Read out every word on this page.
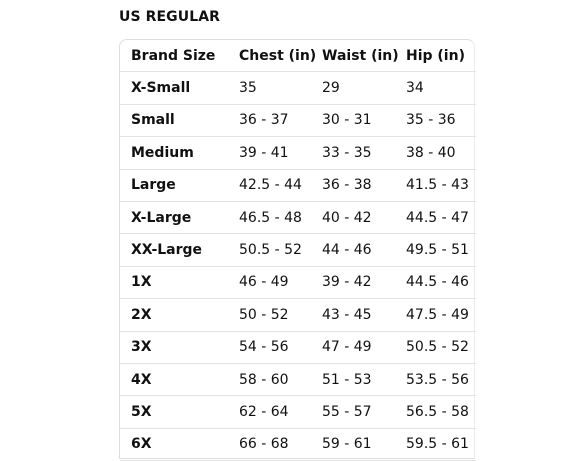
US REGULAR
Brand Size	Chest (in)	Waist (in)	Hip (in)
X-Small	35	29	34
Small	36 - 37	30 - 31	35 - 36
Medium	39 - 41	33 - 35	38 - 40
Large	42.5 - 44	36 - 38	41.5 - 43
X-Large	46.5 - 48	40 - 42	44.5 - 47
XX-Large	50.5 - 52	44 - 46	49.5 - 51
1X	46 - 49	39 - 42	44.5 - 46
2X	50 - 52	43 - 45	47.5 - 49
3X	54 - 56	47 - 49	50.5 - 52
4X	58 - 60	51 - 53	53.5 - 56
5X	62 - 64	55 - 57	56.5 - 58
6X	66 - 68	59 - 61	59.5 - 61
